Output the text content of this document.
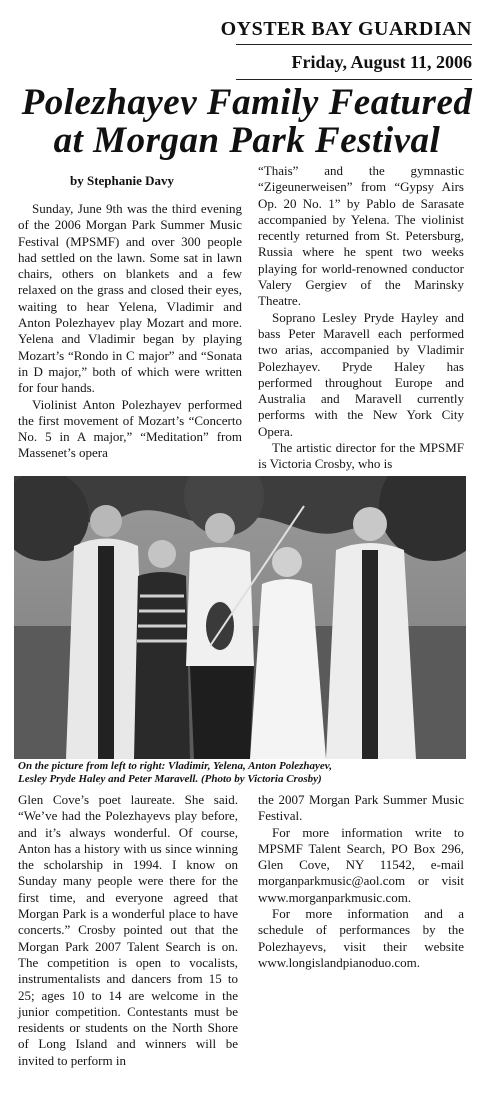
OYSTER BAY GUARDIAN
Friday, August 11, 2006
Polezhayev Family Featured
at Morgan Park Festival
by Stephanie Davy

Sunday, June 9th was the third evening of the 2006 Morgan Park Summer Music Festival (MPSMF) and over 300 people had settled on the lawn. Some sat in lawn chairs, others on blankets and a few relaxed on the grass and closed their eyes, waiting to hear Yelena, Vladimir and Anton Polezhayev play Mozart and more. Yelena and Vladimir began by playing Mozart’s “Rondo in C major” and “Sonata in D major,” both of which were written for four hands.

Violinist Anton Polezhayev performed the first movement of Mozart’s “Concerto No. 5 in A major,” “Meditation” from Massenet’s opera

“Thais” and the gymnastic “Zigeunerweisen” from “Gypsy Airs Op. 20 No. 1” by Pablo de Sarasate accompanied by Yelena. The violinist recently returned from St. Petersburg, Russia where he spent two weeks playing for world-renowned conductor Valery Gergiev of the Marinsky Theatre.

Soprano Lesley Pryde Hayley and bass Peter Maravell each performed two arias, accompanied by Vladimir Polezhayev. Pryde Haley has performed throughout Europe and Australia and Maravell currently performs with the New York City Opera.

The artistic director for the MPSMF is Victoria Crosby, who is

On the picture from left to right: Vladimir, Yelena, Anton Polezhayev,
Lesley Pryde Haley and Peter Maravell. (Photo by Victoria Crosby)

Glen Cove’s poet laureate. She said. “We’ve had the Polezhayevs play before, and it’s always wonderful. Of course, Anton has a history with us since winning the scholarship in 1994. I know on Sunday many people were there for the first time, and everyone agreed that Morgan Park is a wonderful place to have concerts.” Crosby pointed out that the Morgan Park 2007 Talent Search is on. The competition is open to vocalists, instrumentalists and dancers from 15 to 25; ages 10 to 14 are welcome in the junior competition. Contestants must be residents or students on the North Shore of Long Island and winners will be invited to perform in

the 2007 Morgan Park Summer Music Festival.

For more information write to MPSMF Talent Search, PO Box 296, Glen Cove, NY 11542, e-mail morganparkmusic@aol.com or visit www.morganparkmusic.com.

For more information and a schedule of performances by the Polezhayevs, visit their website www.longislandpianoduo.com.
